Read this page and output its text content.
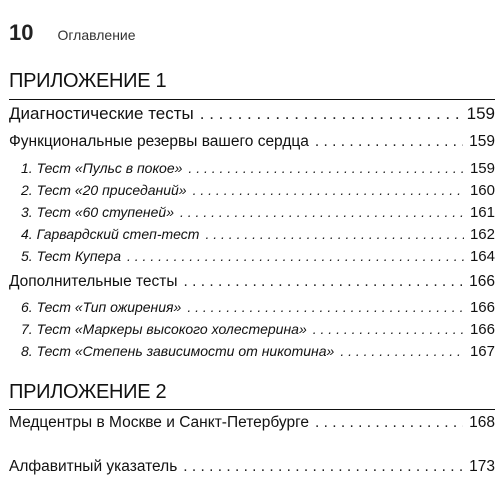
10 Оглавление
ПРИЛОЖЕНИЕ 1
Диагностические тесты . . .	159
Функциональные резервы вашего сердца . . .	159
1. Тест «Пульс в покое» . . .	159
2. Тест «20 приседаний» . . .	160
3. Тест «60 ступеней» . . .	161
4. Гарвардский степ-тест . . .	162
5. Тест Купера . . .	164
Дополнительные тесты . . .	166
6. Тест «Тип ожирения» . . .	166
7. Тест «Маркеры высокого холестерина» . . .	166
8. Тест «Степень зависимости от никотина» . . .	167
ПРИЛОЖЕНИЕ 2
Медцентры в Москве и Санкт-Петербурге . . .	168
Алфавитный указатель . . .	173
